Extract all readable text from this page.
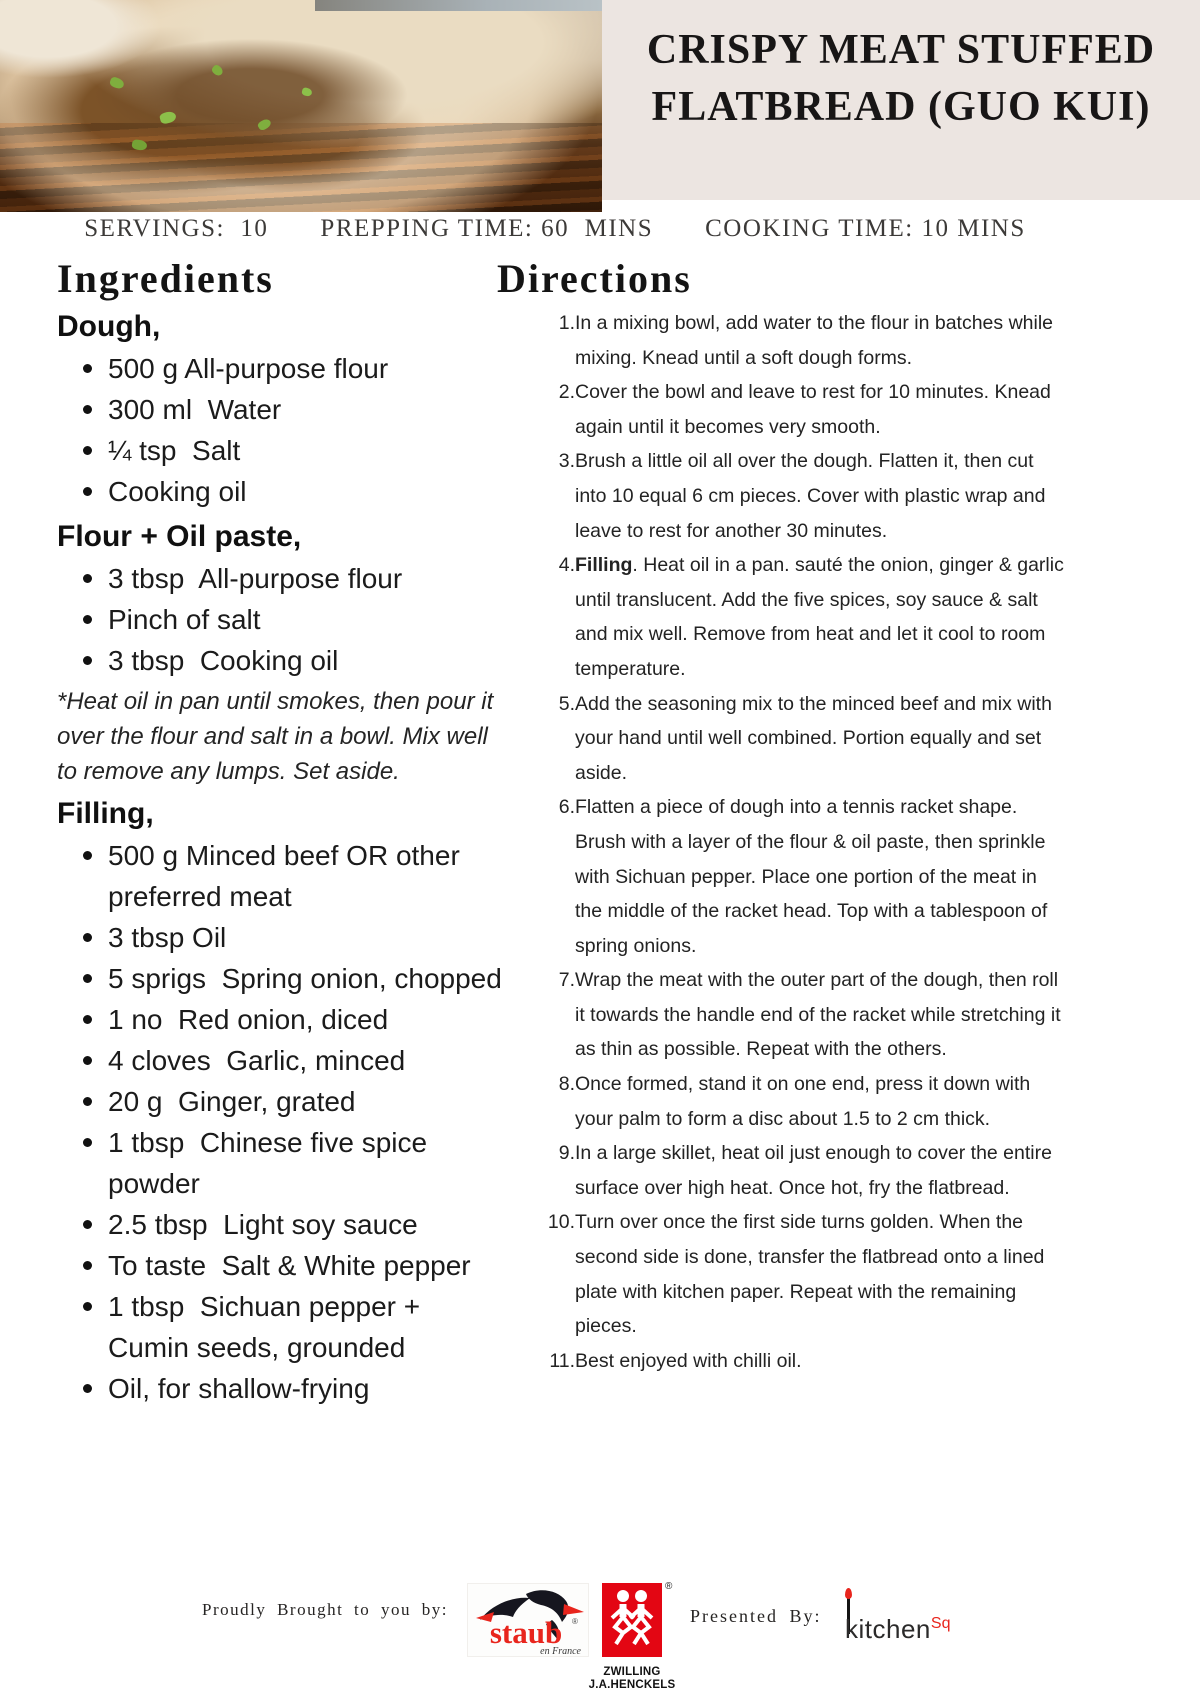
CRISPY MEAT STUFFED
FLATBREAD (GUO KUI)
SERVINGS:  10 PREPPING TIME: 60  MINS COOKING TIME: 10 MINS
Ingredients
Dough,
500 g All-purpose flour
300 ml  Water
¼ tsp  Salt
Cooking oil
Flour + Oil paste,
3 tbsp  All-purpose flour
Pinch of salt
3 tbsp  Cooking oil
*Heat oil in pan until smokes, then pour it
over the flour and salt in a bowl. Mix well
to remove any lumps. Set aside.
Filling,
500 g Minced beef OR other preferred meat
3 tbsp Oil
5 sprigs  Spring onion, chopped
1 no  Red onion, diced
4 cloves  Garlic, minced
20 g  Ginger, grated
1 tbsp  Chinese five spice powder
2.5 tbsp  Light soy sauce
To taste  Salt & White pepper
1 tbsp  Sichuan pepper + Cumin seeds, grounded
Oil, for shallow-frying
Directions
1. In a mixing bowl, add water to the flour in batches while mixing. Knead until a soft dough forms.
2. Cover the bowl and leave to rest for 10 minutes. Knead again until it becomes very smooth.
3. Brush a little oil all over the dough. Flatten it, then cut into 10 equal 6 cm pieces. Cover with plastic wrap and leave to rest for another 30 minutes.
4. Filling. Heat oil in a pan. sauté the onion, ginger & garlic until translucent. Add the five spices, soy sauce & salt and mix well. Remove from heat and let it cool to room temperature.
5. Add the seasoning mix to the minced beef and mix with your hand until well combined. Portion equally and set aside.
6. Flatten a piece of dough into a tennis racket shape. Brush with a layer of the flour & oil paste, then sprinkle with Sichuan pepper. Place one portion of the meat in the middle of the racket head. Top with a tablespoon of spring onions.
7. Wrap the meat with the outer part of the dough, then roll it towards the handle end of the racket while stretching it as thin as possible. Repeat with the others.
8. Once formed, stand it on one end, press it down with your palm to form a disc about 1.5 to 2 cm thick.
9. In a large skillet, heat oil just enough to cover the entire surface over high heat. Once hot, fry the flatbread.
10. Turn over once the first side turns golden. When the second side is done, transfer the flatbread onto a lined plate with kitchen paper. Repeat with the remaining pieces.
11. Best enjoyed with chilli oil.
Proudly Brought to you by:
staub ®
en France
®
ZWILLING
J.A.HENCKELS
Presented By: kitchen$^{Sq}$
